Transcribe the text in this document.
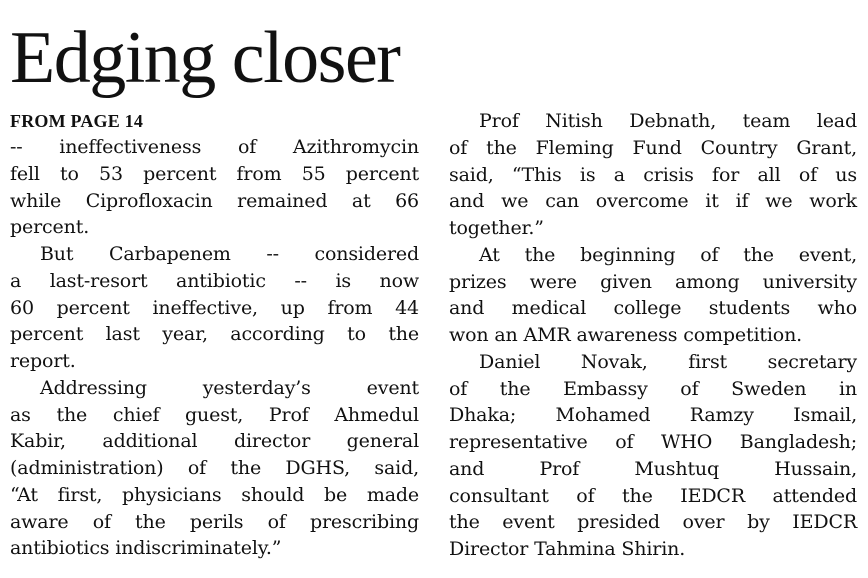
Edging closer
FROM PAGE 14
-- ineffectiveness of Azithromycin
fell to 53 percent from 55 percent
while Ciprofloxacin remained at 66
percent.
But Carbapenem -- considered
a last-resort antibiotic -- is now
60 percent ineffective, up from 44
percent last year, according to the
report.
Addressing yesterday’s event
as the chief guest, Prof Ahmedul
Kabir, additional director general
(administration) of the DGHS, said,
“At first, physicians should be made
aware of the perils of prescribing
antibiotics indiscriminately.”
Prof Nitish Debnath, team lead
of the Fleming Fund Country Grant,
said, “This is a crisis for all of us
and we can overcome it if we work
together.”
At the beginning of the event,
prizes were given among university
and medical college students who
won an AMR awareness competition.
Daniel Novak, first secretary
of the Embassy of Sweden in
Dhaka; Mohamed Ramzy Ismail,
representative of WHO Bangladesh;
and Prof Mushtuq Hussain,
consultant of the IEDCR attended
the event presided over by IEDCR
Director Tahmina Shirin.
